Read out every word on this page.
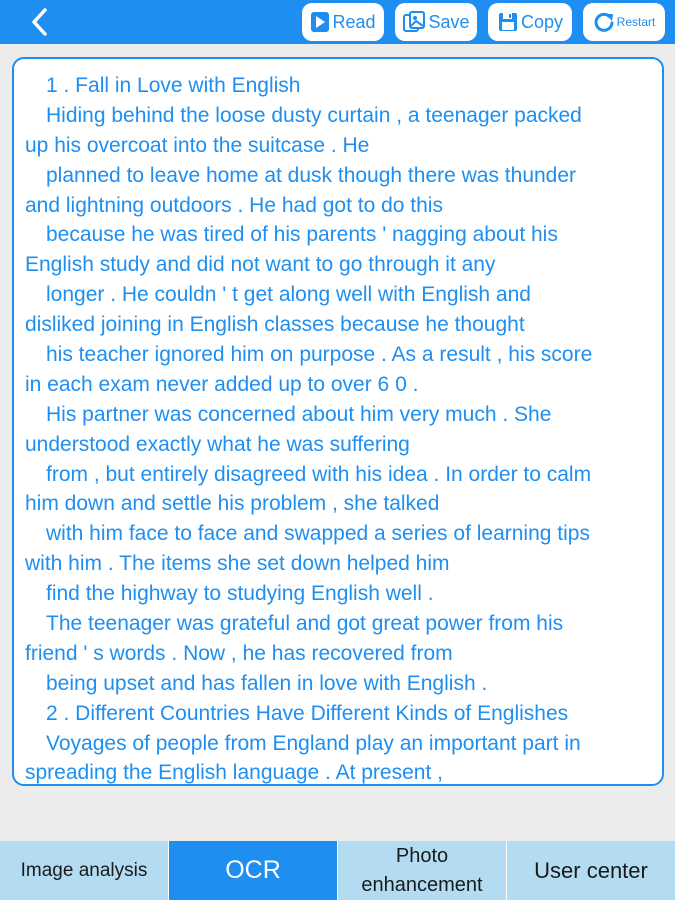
Read	Save	Copy	Restart
1 . Fall in Love with English
Hiding behind the loose dusty curtain , a teenager packed
up his overcoat into the suitcase . He
planned to leave home at dusk though there was thunder
and lightning outdoors . He had got to do this
because he was tired of his parents ' nagging about his
English study and did not want to go through it any
longer . He couldn ' t get along well with English and
disliked joining in English classes because he thought
his teacher ignored him on purpose . As a result , his score
in each exam never added up to over 6 0 .
His partner was concerned about him very much . She
understood exactly what he was suffering
from , but entirely disagreed with his idea . In order to calm
him down and settle his problem , she talked
with him face to face and swapped a series of learning tips
with him . The items she set down helped him
find the highway to studying English well .
The teenager was grateful and got great power from his
friend ' s words . Now , he has recovered from
being upset and has fallen in love with English .
2 . Different Countries Have Different Kinds of Englishes
Voyages of people from England play an important part in
spreading the English language . At present ,
Image analysis	OCR
Photo
enhancement
User center
